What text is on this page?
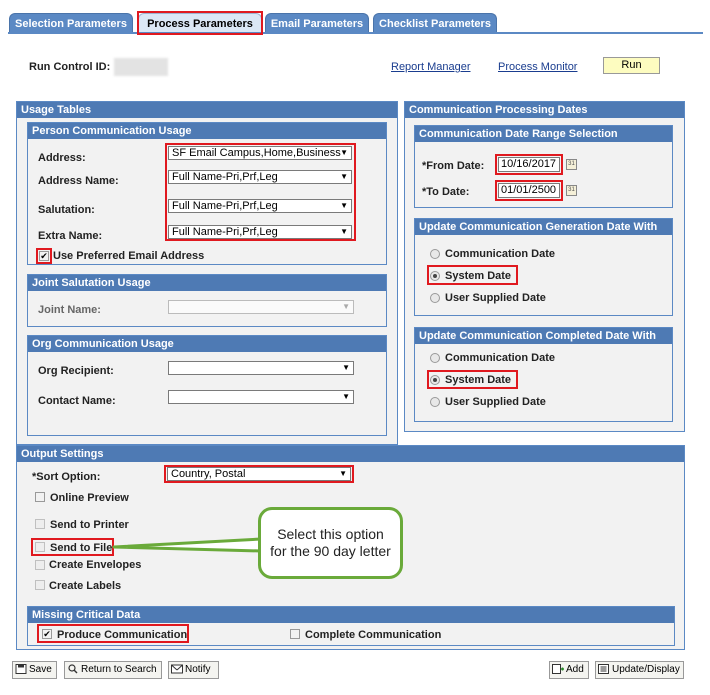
Selection Parameters	Process Parameters	Email Parameters	Checklist Parameters
Run Control ID:	Report Manager	Process Monitor	Run
Usage Tables
Person Communication Usage
Address:	SF Email Campus,Home,Business ▼
Address Name:	Full Name-Pri,Prf,Leg	▼
Salutation:	Full Name-Pri,Prf,Leg	▼
Extra Name:	Full Name-Pri,Prf,Leg	▼
✔ Use Preferred Email Address
Joint Salutation Usage
Joint Name:	▼
Org Communication Usage
Org Recipient:	▼
Contact Name:	▼
Communication Processing Dates
Communication Date Range Selection
*From Date: 10/16/2017	31
*To Date:	01/01/2500	31
Update Communication Generation Date With
Communication Date
System Date
User Supplied Date
Update Communication Completed Date With
Communication Date
System Date
User Supplied Date
Output Settings
*Sort Option:	Country, Postal	▼
Online Preview
Send to Printer
Send to File
Create Envelopes
Create Labels
Select this option for the 90 day letter
Missing Critical Data
✔ Produce Communication	Complete Communication
Save	Return to Search	Notify	Add	Update/Display
